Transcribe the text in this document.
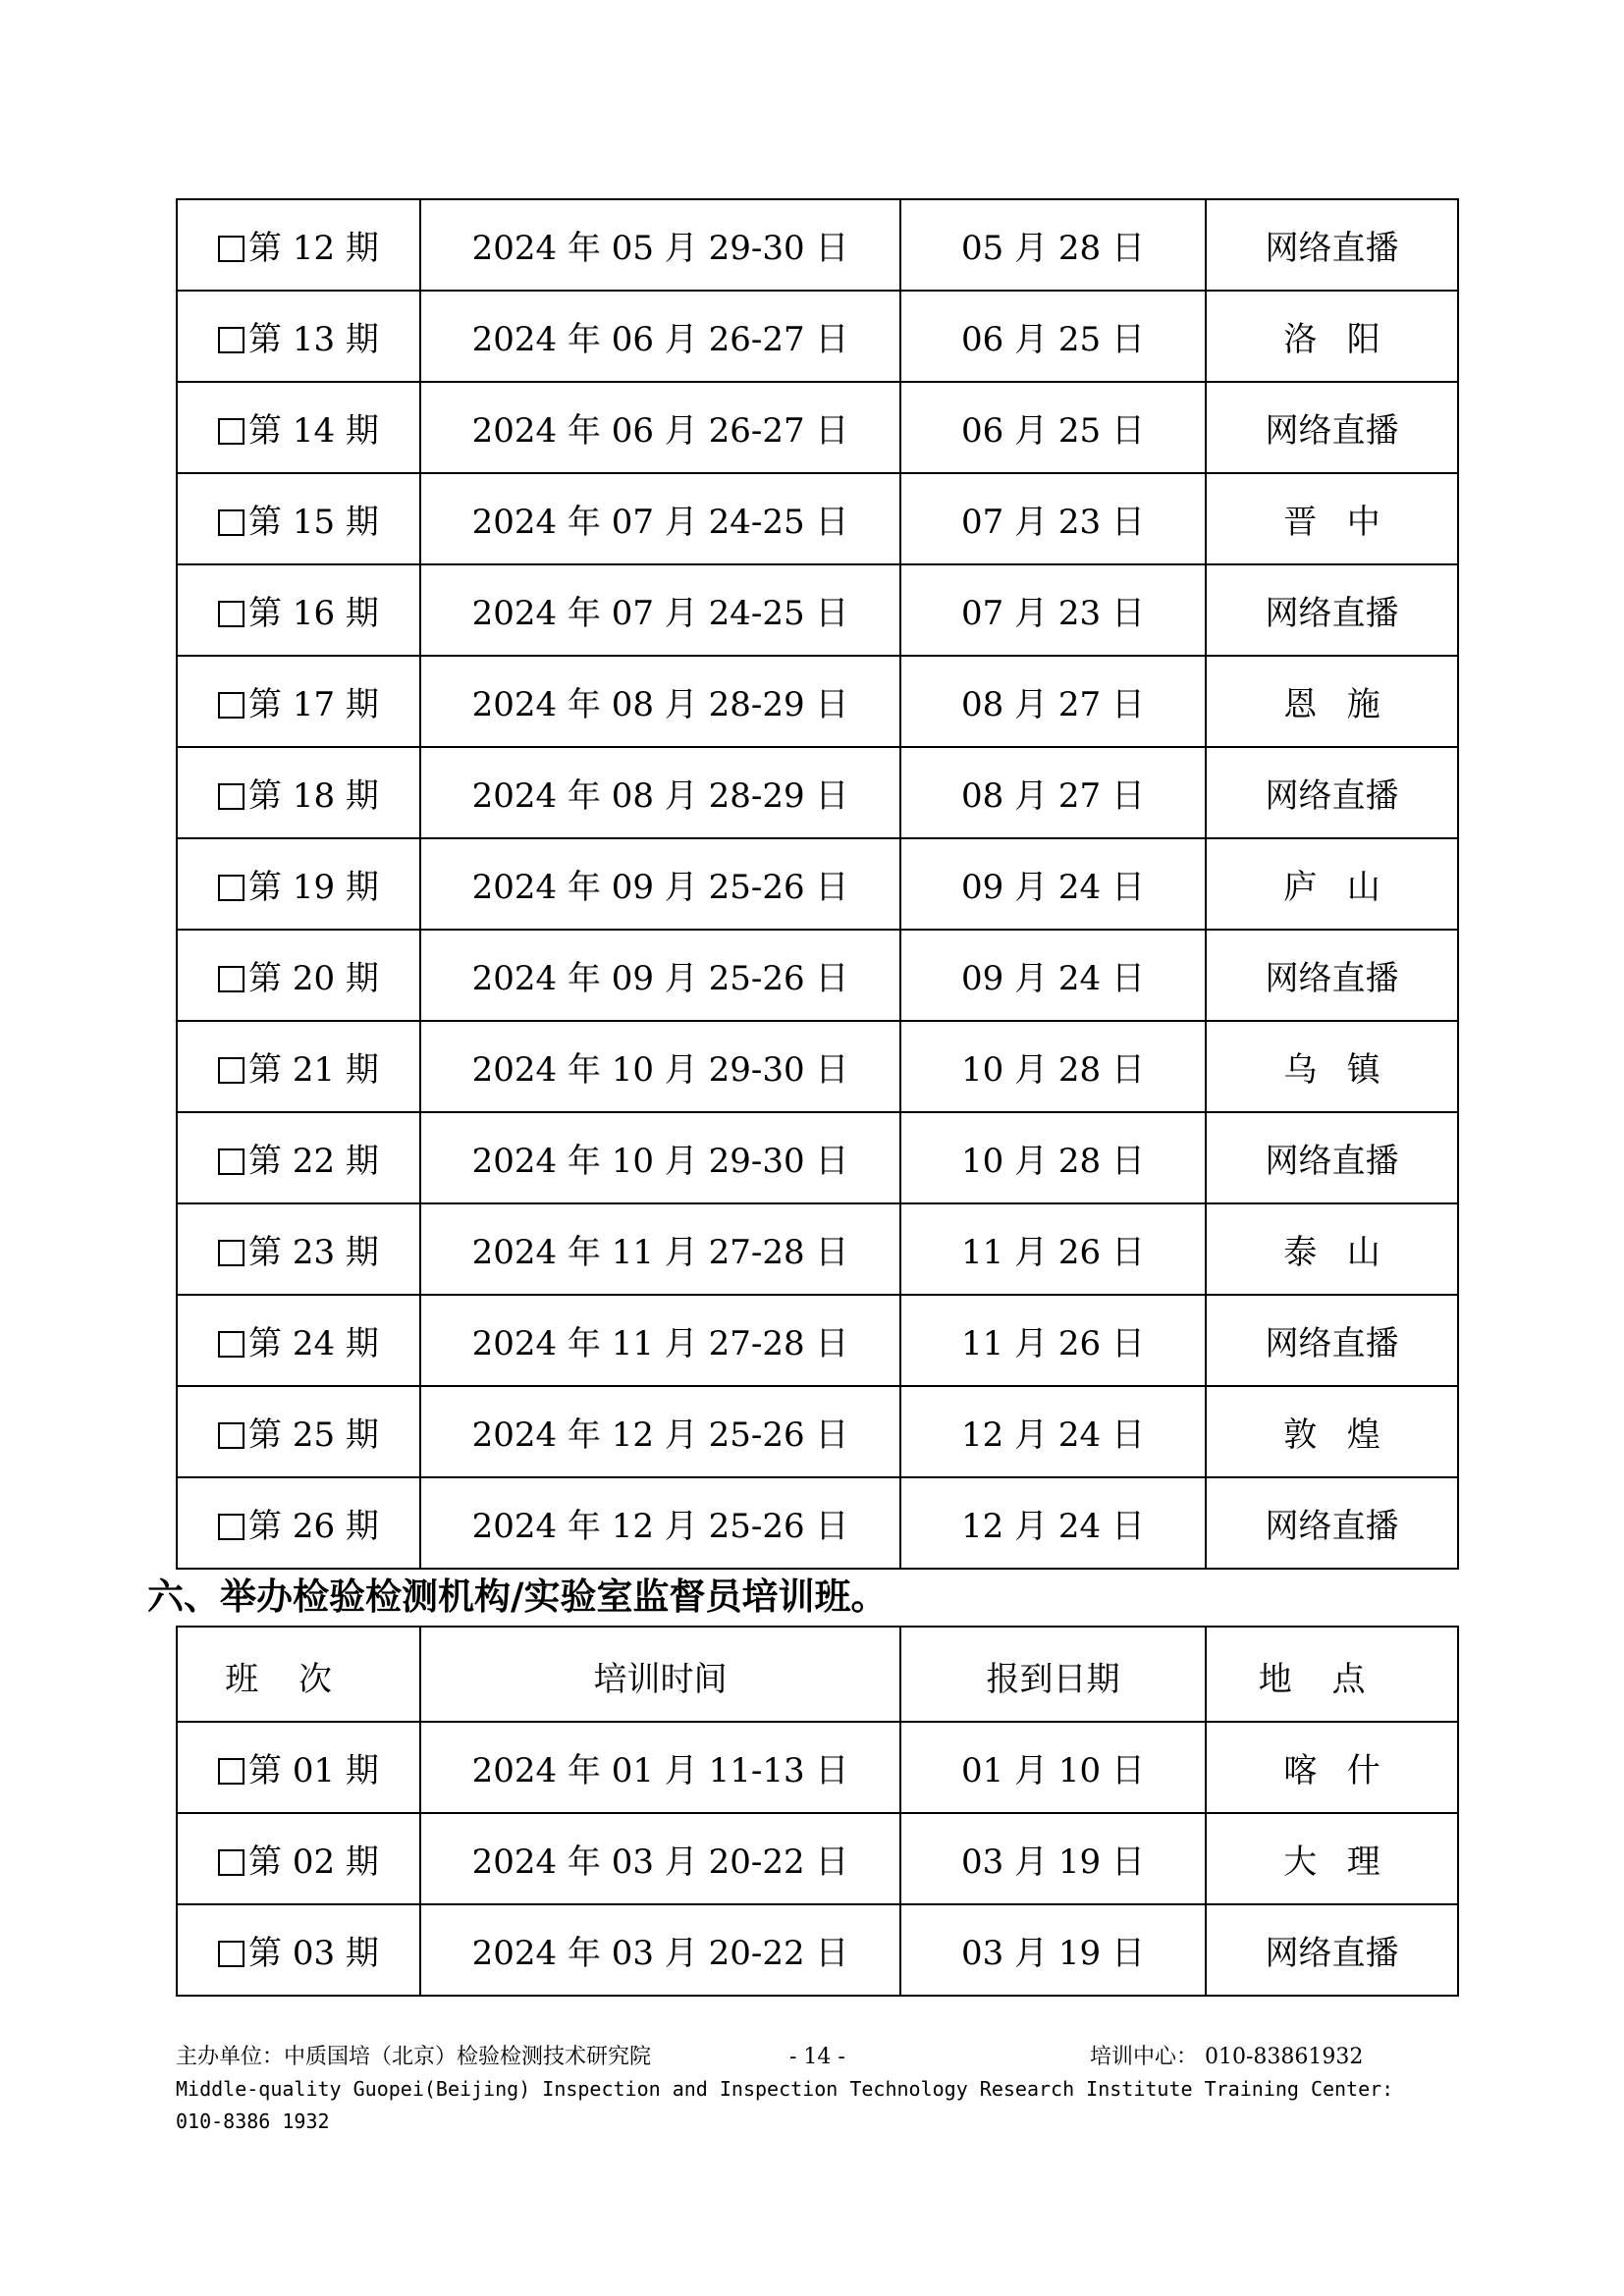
第 12 期	2024 年 05 月 29-30 日	05 月 28 日	网络直播
第 13 期	2024 年 06 月 26-27 日	06 月 25 日	洛阳
第 14 期	2024 年 06 月 26-27 日	06 月 25 日	网络直播
第 15 期	2024 年 07 月 24-25 日	07 月 23 日	晋中
第 16 期	2024 年 07 月 24-25 日	07 月 23 日	网络直播
第 17 期	2024 年 08 月 28-29 日	08 月 27 日	恩施
第 18 期	2024 年 08 月 28-29 日	08 月 27 日	网络直播
第 19 期	2024 年 09 月 25-26 日	09 月 24 日	庐山
第 20 期	2024 年 09 月 25-26 日	09 月 24 日	网络直播
第 21 期	2024 年 10 月 29-30 日	10 月 28 日	乌镇
第 22 期	2024 年 10 月 29-30 日	10 月 28 日	网络直播
第 23 期	2024 年 11 月 27-28 日	11 月 26 日	泰山
第 24 期	2024 年 11 月 27-28 日	11 月 26 日	网络直播
第 25 期	2024 年 12 月 25-26 日	12 月 24 日	敦煌
第 26 期	2024 年 12 月 25-26 日	12 月 24 日	网络直播
六、举办检验检测机构/实验室监督员培训班。
班次	培训时间	报到日期	地点
第 01 期	2024 年 01 月 11-13 日	01 月 10 日	喀什
第 02 期	2024 年 03 月 20-22 日	03 月 19 日	大理
第 03 期	2024 年 03 月 20-22 日	03 月 19 日	网络直播
主办单位：中质国培（北京）检验检测技术研究院	- 14 -	培训中心： 010-83861932
Middle-quality Guopei(Beijing) Inspection and Inspection Technology Research Institute Training Center:
010-8386 1932
